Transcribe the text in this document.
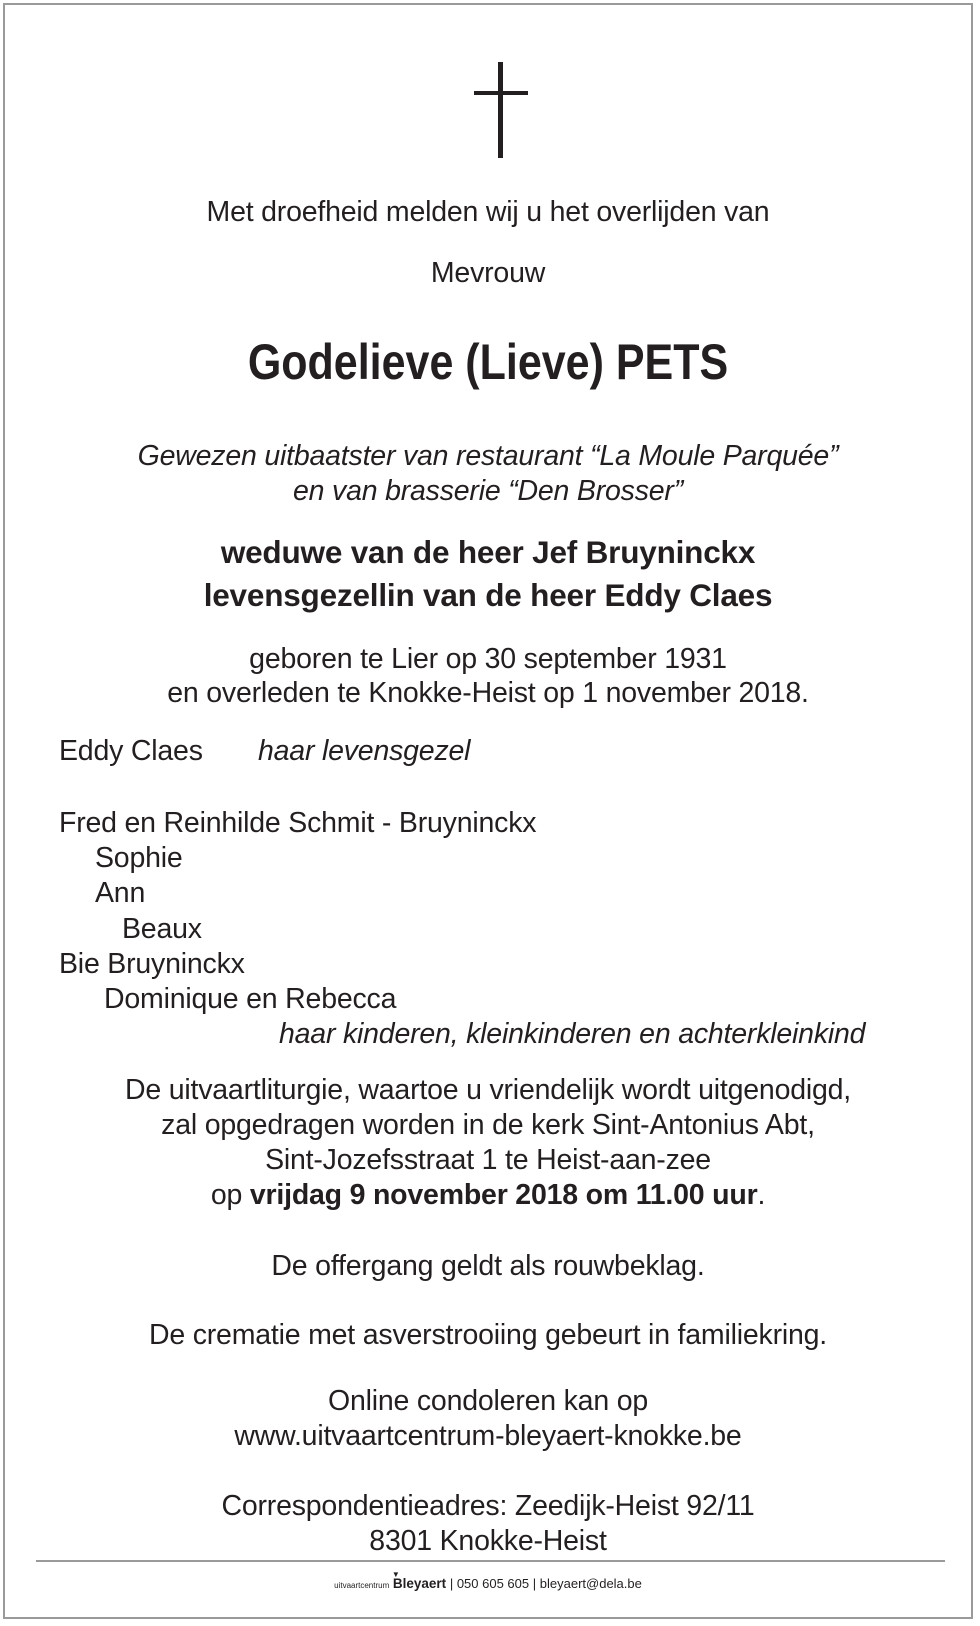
Met droefheid melden wij u het overlijden van
Mevrouw
Godelieve (Lieve) PETS
Gewezen uitbaatster van restaurant “La Moule Parquée”
en van brasserie “Den Brosser”
weduwe van de heer Jef Bruyninckx
levensgezellin van de heer Eddy Claes
geboren te Lier op 30 september 1931
en overleden te Knokke-Heist op 1 november 2018.
Eddy Claes haar levensgezel
Fred en Reinhilde Schmit - Bruyninckx
Sophie
Ann
Beaux
Bie Bruyninckx
Dominique en Rebecca
haar kinderen, kleinkinderen en achterkleinkind
De uitvaartliturgie, waartoe u vriendelijk wordt uitgenodigd,
zal opgedragen worden in de kerk Sint-Antonius Abt,
Sint-Jozefsstraat 1 te Heist-aan-zee
op vrijdag 9 november 2018 om 11.00 uur.
De offergang geldt als rouwbeklag.
De crematie met asverstrooiing gebeurt in familiekring.
Online condoleren kan op
www.uitvaartcentrum-bleyaert-knokke.be
Correspondentieadres: Zeedijk-Heist 92/11
8301 Knokke-Heist
uitvaartcentrum
▼
Bleyaert | 050 605 605 | bleyaert@dela.be
